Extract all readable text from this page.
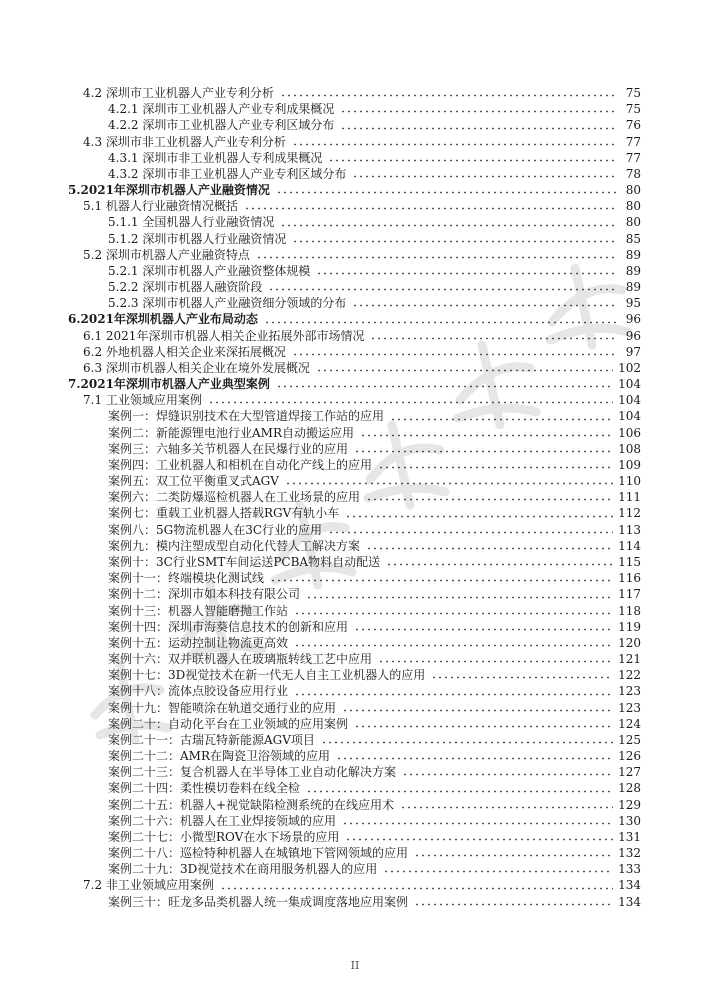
4.2 深圳市工业机器人产业专利分析	75
4.2.1 深圳市工业机器人产业专利成果概况	75
4.2.2 深圳市工业机器人产业专利区域分布	76
4.3 深圳市非工业机器人产业专利分析	77
4.3.1 深圳市非工业机器人专利成果概况	77
4.3.2 深圳市非工业机器人产业专利区域分布	78
5.2021年深圳市机器人产业融资情况	80
5.1 机器人行业融资情况概括	80
5.1.1 全国机器人行业融资情况	80
5.1.2 深圳市机器人行业融资情况	85
5.2 深圳市机器人产业融资特点	89
5.2.1 深圳市机器人产业融资整体规模	89
5.2.2 深圳市机器人融资阶段	89
5.2.3 深圳市机器人产业融资细分领域的分布	95
6.2021年深圳机器人产业布局动态	96
6.1 2021年深圳市机器人相关企业拓展外部市场情况	96
6.2 外地机器人相关企业来深拓展概况	97
6.3 深圳市机器人相关企业在境外发展概况	102
7.2021年深圳市机器人产业典型案例	104
7.1 工业领域应用案例	104
案例一：焊缝识别技术在大型管道焊接工作站的应用	104
案例二：新能源锂电池行业AMR自动搬运应用	106
案例三：六轴多关节机器人在民爆行业的应用	108
案例四：工业机器人和相机在自动化产线上的应用	109
案例五：双工位平衡重叉式AGV	110
案例六：二类防爆巡检机器人在工业场景的应用	111
案例七：重载工业机器人搭载RGV有轨小车	112
案例八：5G物流机器人在3C行业的应用	113
案例九：模内注塑成型自动化代替人工解决方案	114
案例十：3C行业SMT车间运送PCBA物料自动配送	115
案例十一：终端模块化测试线	116
案例十二：深圳市如本科技有限公司	117
案例十三：机器人智能磨抛工作站	118
案例十四：深圳市海葵信息技术的创新和应用	119
案例十五：运动控制让物流更高效	120
案例十六：双并联机器人在玻璃瓶转线工艺中应用	121
案例十七：3D视觉技术在新一代无人自主工业机器人的应用	122
案例十八：流体点胶设备应用行业	123
案例十九：智能喷涂在轨道交通行业的应用	123
案例二十：自动化平台在工业领域的应用案例	124
案例二十一：古瑞瓦特新能源AGV项目	125
案例二十二：AMR在陶瓷卫浴领域的应用	126
案例二十三：复合机器人在半导体工业自动化解决方案	127
案例二十四：柔性模切卷料在线全检	128
案例二十五：机器人+视觉缺陷检测系统的在线应用术	129
案例二十六：机器人在工业焊接领域的应用	130
案例二十七：小微型ROV在水下场景的应用	131
案例二十八：巡检特种机器人在城镇地下管网领域的应用	132
案例二十九：3D视觉技术在商用服务机器人的应用	133
7.2 非工业领域应用案例	134
案例三十：旺龙多品类机器人统一集成调度落地应用案例	134
II
